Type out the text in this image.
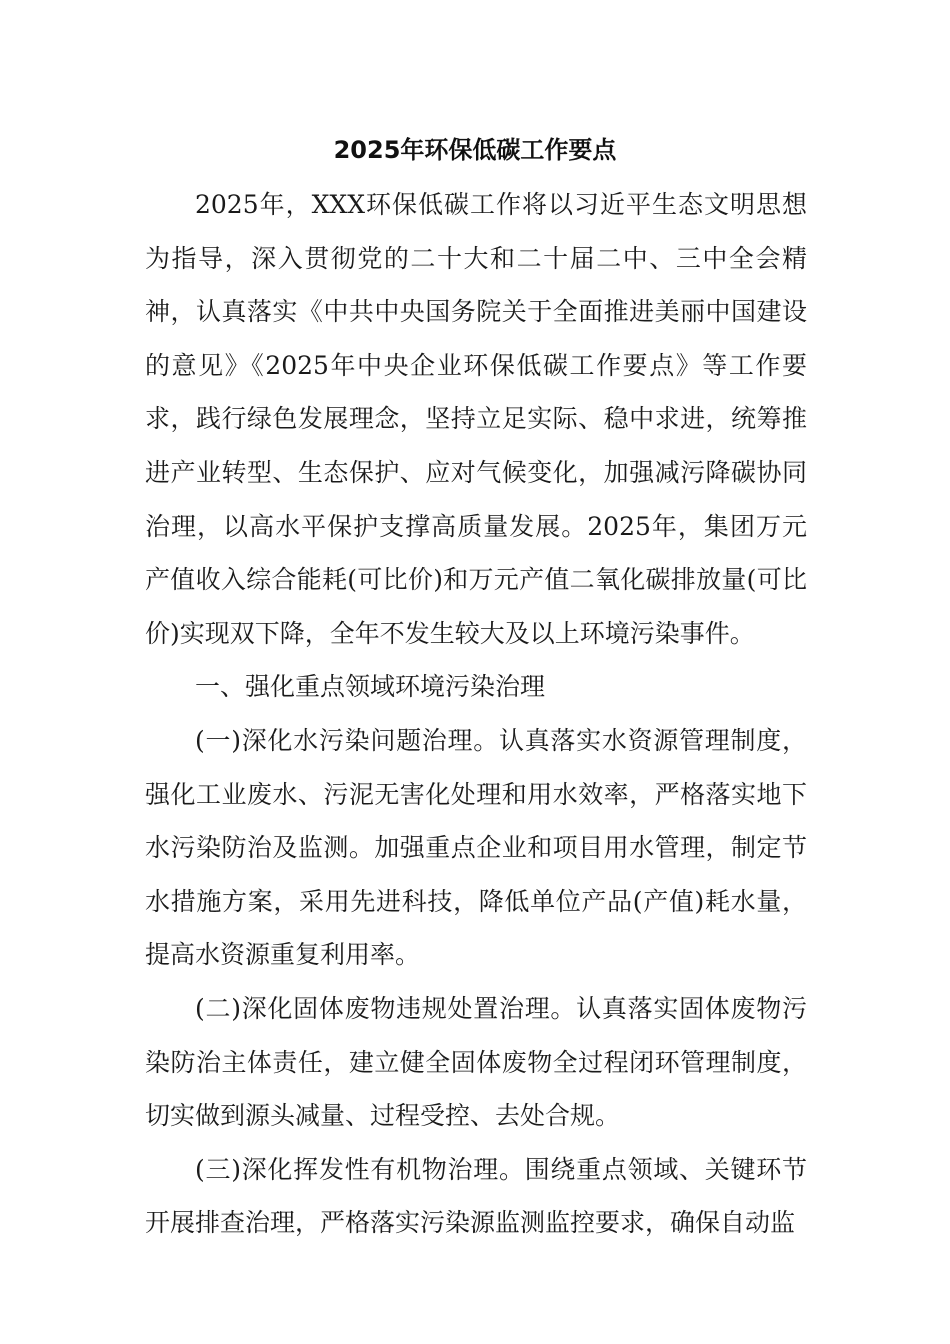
2025年环保低碳工作要点

2025年，XXX环保低碳工作将以习近平生态文明思想为指导，深入贯彻党的二十大和二十届二中、三中全会精神，认真落实《中共中央国务院关于全面推进美丽中国建设的意见》《2025年中央企业环保低碳工作要点》等工作要求，践行绿色发展理念，坚持立足实际、稳中求进，统筹推进产业转型、生态保护、应对气候变化，加强减污降碳协同治理，以高水平保护支撑高质量发展。2025年，集团万元产值收入综合能耗(可比价)和万元产值二氧化碳排放量(可比价)实现双下降，全年不发生较大及以上环境污染事件。

一、强化重点领域环境污染治理

(一)深化水污染问题治理。认真落实水资源管理制度，强化工业废水、污泥无害化处理和用水效率，严格落实地下水污染防治及监测。加强重点企业和项目用水管理，制定节水措施方案，采用先进科技，降低单位产品(产值)耗水量，提高水资源重复利用率。

(二)深化固体废物违规处置治理。认真落实固体废物污染防治主体责任，建立健全固体废物全过程闭环管理制度，切实做到源头减量、过程受控、去处合规。

(三)深化挥发性有机物治理。围绕重点领域、关键环节开展排查治理，严格落实污染源监测监控要求，确保自动监
